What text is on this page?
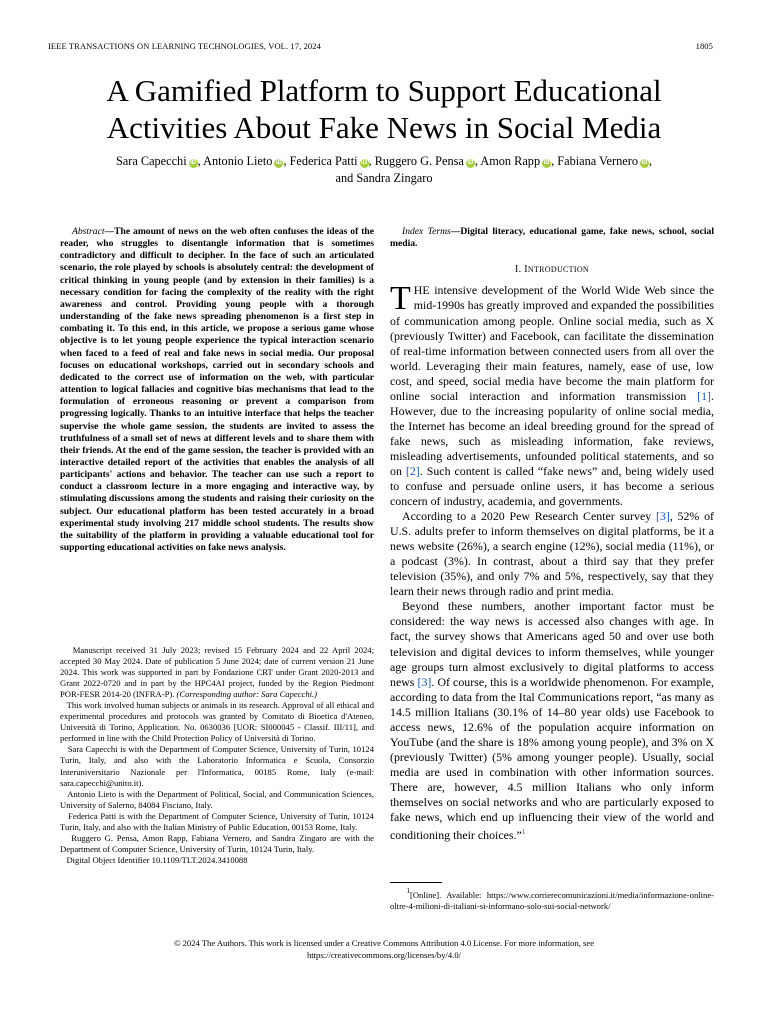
IEEE TRANSACTIONS ON LEARNING TECHNOLOGIES, VOL. 17, 2024	1805
A Gamified Platform to Support Educational
Activities About Fake News in Social Media
Sara Capecchi iD , Antonio Lieto iD , Federica Patti iD , Ruggero G. Pensa iD , Amon Rapp iD , Fabiana Vernero iD ,
and Sandra Zingaro
Abstract—The amount of news on the web often confuses the ideas of the reader, who struggles to disentangle information that is sometimes contradictory and difficult to decipher. In the face of such an articulated scenario, the role played by schools is absolutely central: the development of critical thinking in young people (and by extension in their families) is a necessary condition for facing the complexity of the reality with the right awareness and control. Providing young people with a thorough understanding of the fake news spreading phenomenon is a first step in combating it. To this end, in this article, we propose a serious game whose objective is to let young people experience the typical interaction scenario when faced to a feed of real and fake news in social media. Our proposal focuses on educational workshops, carried out in secondary schools and dedicated to the correct use of information on the web, with particular attention to logical fallacies and cognitive bias mechanisms that lead to the formulation of erroneous reasoning or prevent a comparison from progressing logically. Thanks to an intuitive interface that helps the teacher supervise the whole game session, the students are invited to assess the truthfulness of a small set of news at different levels and to share them with their friends. At the end of the game session, the teacher is provided with an interactive detailed report of the activities that enables the analysis of all participants' actions and behavior. The teacher can use such a report to conduct a classroom lecture in a more engaging and interactive way, by stimulating discussions among the students and raising their curiosity on the subject. Our educational platform has been tested accurately in a broad experimental study involving 217 middle school students. The results show the suitability of the platform in providing a valuable educational tool for supporting educational activities on fake news analysis.

Manuscript received 31 July 2023; revised 15 February 2024 and 22 April 2024; accepted 30 May 2024. Date of publication 5 June 2024; date of current version 21 June 2024. This work was supported in part by Fondazione CRT under Grant 2020-2013 and Grant 2022-0720 and in part by the HPC4AI project, funded by the Region Piedmont POR-FESR 2014-20 (INFRA-P). (Corresponding author: Sara Capecchi.)

This work involved human subjects or animals in its research. Approval of all ethical and experimental procedures and protocols was granted by Comitato di Bioetica d'Ateneo, Università di Torino, Application. No. 0630036 [UOR: SI000045 - Classif. III/11], and performed in line with the Child Protection Policy of Università di Torino.

Sara Capecchi is with the Department of Computer Science, University of Turin, 10124 Turin, Italy, and also with the Laboratorio Informatica e Scuola, Consorzio Interuniversitario Nazionale per l'Informatica, 00185 Rome, Italy (e-mail: sara.capecchi@unito.it).

Antonio Lieto is with the Department of Political, Social, and Communication Sciences, University of Salerno, 84084 Fisciano, Italy.

Federica Patti is with the Department of Computer Science, University of Turin, 10124 Turin, Italy, and also with the Italian Ministry of Public Education, 00153 Rome, Italy.

Ruggero G. Pensa, Amon Rapp, Fabiana Vernero, and Sandra Zingaro are with the Department of Computer Science, University of Turin, 10124 Turin, Italy.

Digital Object Identifier 10.1109/TLT.2024.3410088

Index Terms—Digital literacy, educational game, fake news, school, social media.
I. INTRODUCTION

THE intensive development of the World Wide Web since the mid-1990s has greatly improved and expanded the possibilities of communication among people. Online social media, such as X (previously Twitter) and Facebook, can facilitate the dissemination of real-time information between connected users from all over the world. Leveraging their main features, namely, ease of use, low cost, and speed, social media have become the main platform for online social interaction and information transmission [1]. However, due to the increasing popularity of online social media, the Internet has become an ideal breeding ground for the spread of fake news, such as misleading information, fake reviews, misleading advertisements, unfounded political statements, and so on [2]. Such content is called “fake news” and, being widely used to confuse and persuade online users, it has become a serious concern of industry, academia, and governments.

According to a 2020 Pew Research Center survey [3], 52% of U.S. adults prefer to inform themselves on digital platforms, be it a news website (26%), a search engine (12%), social media (11%), or a podcast (3%). In contrast, about a third say that they prefer television (35%), and only 7% and 5%, respectively, say that they learn their news through radio and print media.

Beyond these numbers, another important factor must be considered: the way news is accessed also changes with age. In fact, the survey shows that Americans aged 50 and over use both television and digital devices to inform themselves, while younger age groups turn almost exclusively to digital platforms to access news [3]. Of course, this is a worldwide phenomenon. For example, according to data from the Ital Communications report, “as many as 14.5 million Italians (30.1% of 14–80 year olds) use Facebook to access news, 12.6% of the population acquire information on YouTube (and the share is 18% among young people), and 3% on X (previously Twitter) (5% among younger people). Usually, social media are used in combination with other information sources. There are, however, 4.5 million Italians who only inform themselves on social networks and who are particularly exposed to fake news, which end up influencing their view of the world and conditioning their choices.”$^1$

$^1$[Online]. Available: https://www.corrierecomunicazioni.it/media/informazione-online-oltre-4-milioni-di-italiani-si-informano-solo-sui-social-network/
© 2024 The Authors. This work is licensed under a Creative Commons Attribution 4.0 License. For more information, see
https://creativecommons.org/licenses/by/4.0/
